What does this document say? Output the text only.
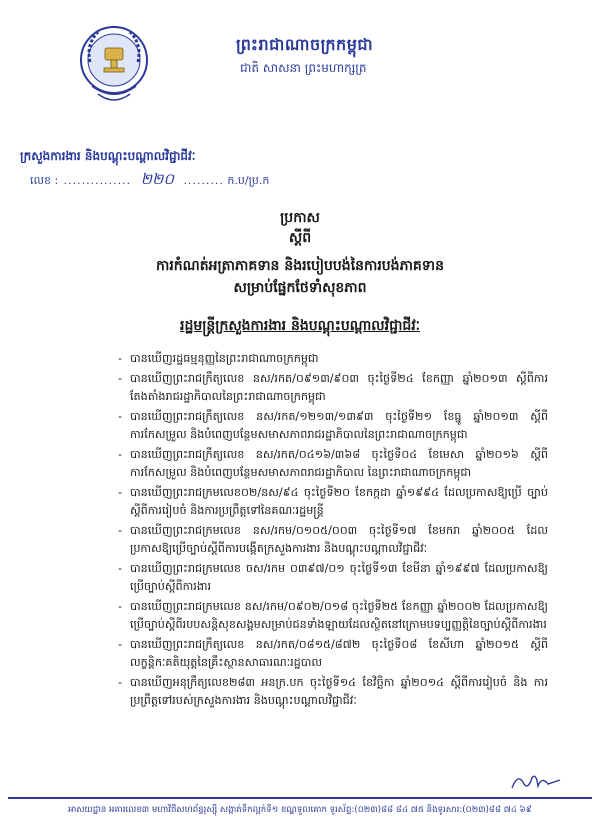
ព្រះរាជាណាចក្រកម្ពុជា
ជាតិ សាសនា ព្រះមហាក្សត្រ
ក្រសួងការងារ និងបណ្តុះបណ្តាលវិជ្ជាជីវៈ
លេខ : ............... ២២០ ......... ក.ប/ប្រ.ក
ប្រកាស
ស្តីពី
ការកំណត់អត្រាភាគទាន និងរបៀបបង់នៃការបង់ភាគទាន
សម្រាប់ផ្នែកថែទាំសុខភាព
រដ្ឋមន្ត្រីក្រសួងការងារ និងបណ្តុះបណ្តាលវិជ្ជាជីវៈ
- បានឃើញរដ្ឋធម្មនុញ្ញនៃព្រះរាជាណាចក្រកម្ពុជា
- បានឃើញព្រះរាជក្រឹត្យលេខ នស/រកត/០៩១៣/៩០៣ ចុះថ្ងៃទី២៤ ខែកញ្ញា ឆ្នាំ២០១៣ ស្តីពីការតែងតាំងរាជរដ្ឋាភិបាលនៃព្រះរាជាណាចក្រកម្ពុជា
- បានឃើញព្រះរាជក្រឹត្យលេខ នស/រកត/១២១៣/១៣៩៣ ចុះថ្ងៃទី២១ ខែធ្នូ ឆ្នាំ២០១៣ ស្តីពីការកែសម្រួល និងបំពេញបន្ថែមសមាសភាពរាជរដ្ឋាភិបាលនៃព្រះរាជាណាចក្រកម្ពុជា
- បានឃើញព្រះរាជក្រឹត្យលេខ នស/រកត/០៤១៦/៣៦៨ ចុះថ្ងៃទី០៤ ខែមេសា ឆ្នាំ២០១៦ ស្តីពីការកែសម្រួល និងបំពេញបន្ថែមសមាសភាពរាជរដ្ឋាភិបាល នៃព្រះរាជាណាចក្រកម្ពុជា
- បានឃើញព្រះរាជក្រមលេខ០២/នស/៩៤ ចុះថ្ងៃទី២០ ខែកក្កដា ឆ្នាំ១៩៩៤ ដែលប្រកាសឱ្យប្រើ ច្បាប់ស្តីពីការរៀបចំ និងការប្រព្រឹត្តទៅនៃគណៈរដ្ឋមន្ត្រី
- បានឃើញព្រះរាជក្រមលេខ នស/រកម/០១០៥/០០៣ ចុះថ្ងៃទី១៧ ខែមករា ឆ្នាំ២០០៥ ដែលប្រកាសឱ្យប្រើច្បាប់ស្តីពីការបង្កើតក្រសួងការងារ និងបណ្តុះបណ្តាលវិជ្ជាជីវៈ
- បានឃើញព្រះរាជក្រមលេខ ចស/រកម ០៣៩៧/០១ ចុះថ្ងៃទី១៣ ខែមីនា ឆ្នាំ១៩៩៧ ដែលប្រកាសឱ្យប្រើច្បាប់ស្តីពីការងារ
- បានឃើញព្រះរាជក្រមលេខ នស/រកម/០៩០២/០១៨ ចុះថ្ងៃទី២៥ ខែកញ្ញា ឆ្នាំ២០០២ ដែលប្រកាសឱ្យប្រើច្បាប់ស្តីពីរបបសន្តិសុខសង្គមសម្រាប់ជនទាំងឡាយដែលស្ថិតនៅក្រោមបទប្បញ្ញត្តិនៃច្បាប់ស្តីពីការងារ
- បានឃើញព្រះរាជក្រឹត្យលេខ នស/រកត/០៨១៥/៨៧២ ចុះថ្ងៃទី០៨ ខែសីហា ឆ្នាំ២០១៥ ស្តីពីលក្ខន្តិកៈគតិយុត្តនៃគ្រឹះស្ថានសាធារណៈរដ្ឋបាល
- បានឃើញអនុក្រឹត្យលេខ២៨៣ អនក្រ.បក ចុះថ្ងៃទី១៤ ខែវិច្ឆិកា ឆ្នាំ២០១៤ ស្តីពីការរៀបចំ និង ការប្រព្រឹត្តទៅរបស់ក្រសួងការងារ និងបណ្តុះបណ្តាលវិជ្ជាជីវៈ
អាសយដ្ឋាន អគារលេខ៣ មហាវិថីសហព័ន្ធរុស្ស៊ី សង្កាត់ទឹកល្អក់ទី១ ខណ្ឌទួលគោក ទូរស័ព្ទ:(០២៣)៨៨ ៨៤ ៧៥ និងទូរសារ:(០២៣)៨៨ ៧៤ ៦៩
